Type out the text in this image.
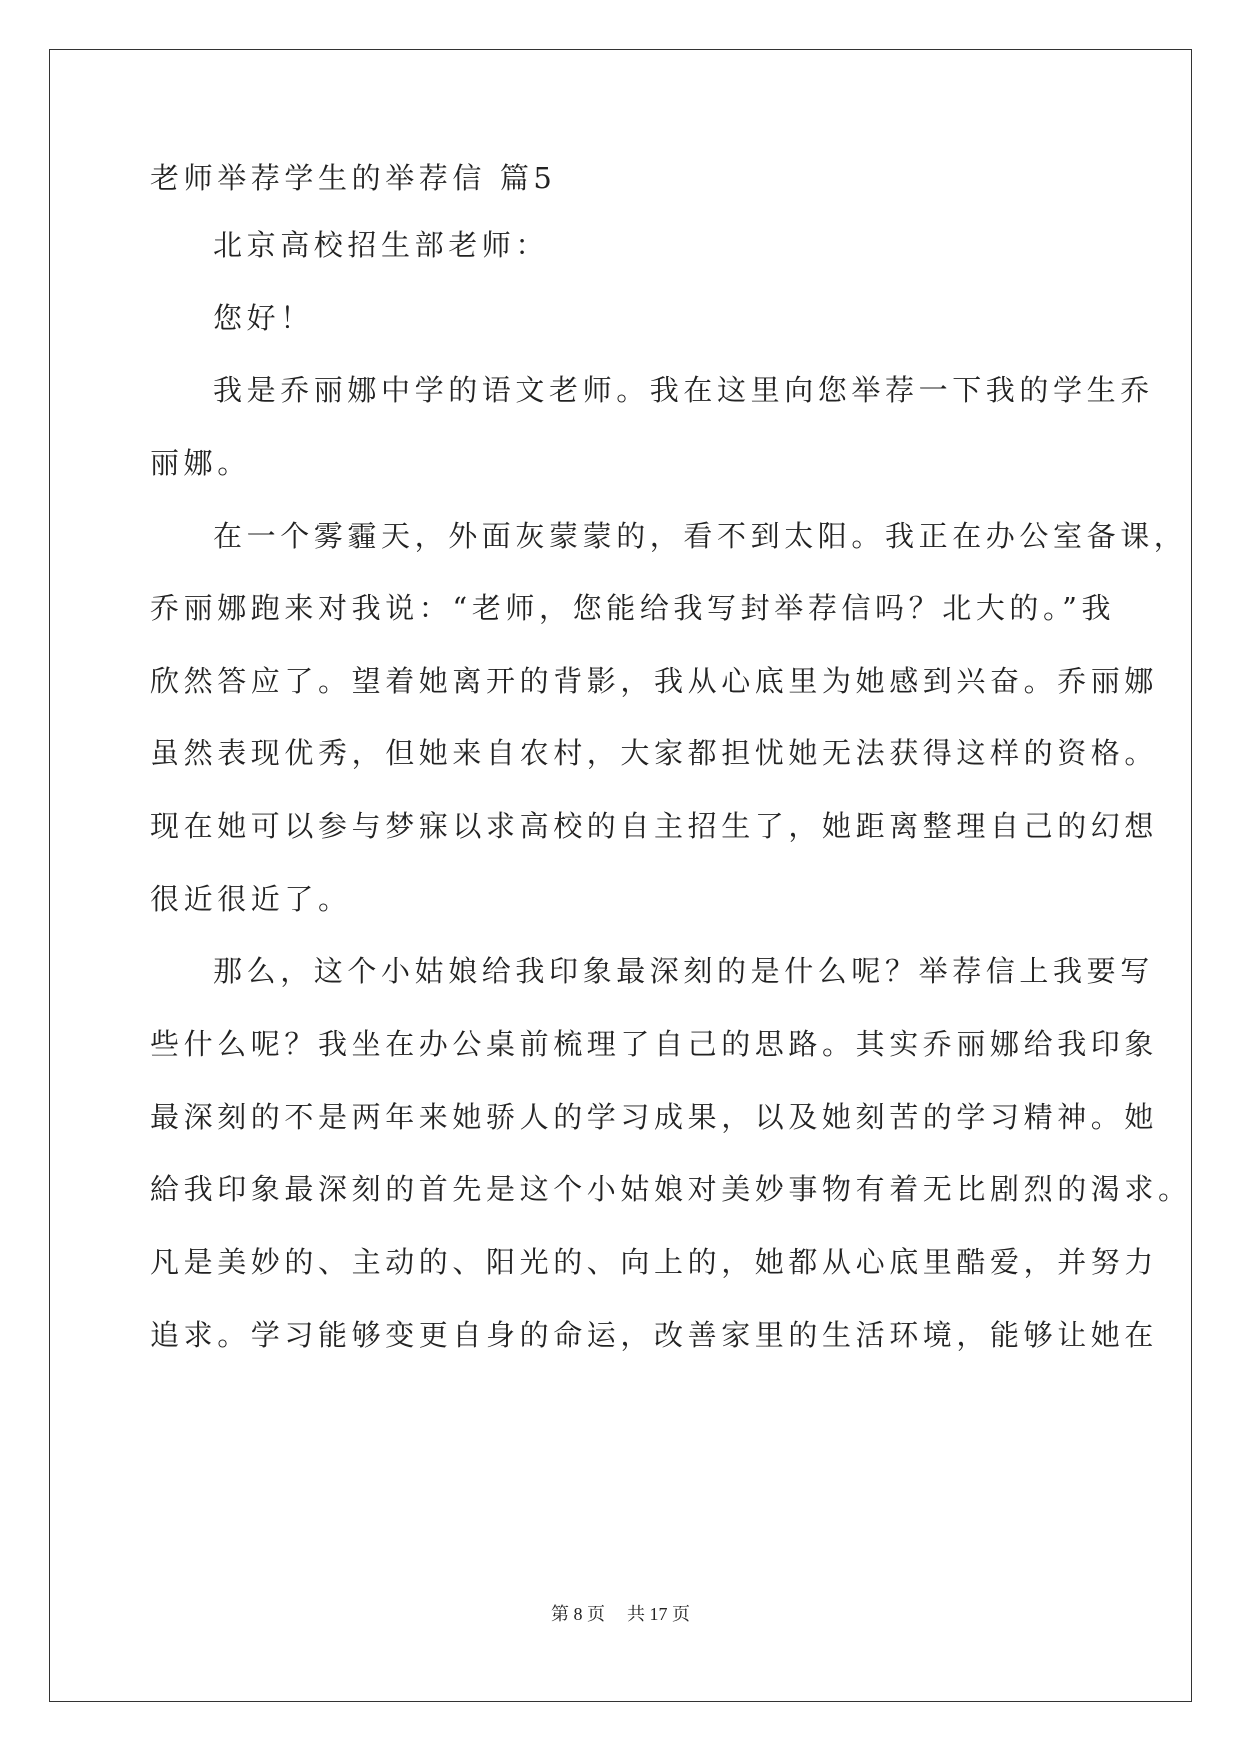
老师举荐学生的举荐信 篇5
北京高校招生部老师：
您好！
我是乔丽娜中学的语文老师。我在这里向您举荐一下我的学生乔
丽娜。
在一个雾霾天，外面灰蒙蒙的，看不到太阳。我正在办公室备课，
乔丽娜跑来对我说：“老师，您能给我写封举荐信吗？北大的。”我
欣然答应了。望着她离开的背影，我从心底里为她感到兴奋。乔丽娜
虽然表现优秀，但她来自农村，大家都担忧她无法获得这样的资格。
现在她可以参与梦寐以求高校的自主招生了，她距离整理自己的幻想
很近很近了。
那么，这个小姑娘给我印象最深刻的是什么呢？举荐信上我要写
些什么呢？我坐在办公桌前梳理了自己的思路。其实乔丽娜给我印象
最深刻的不是两年来她骄人的学习成果，以及她刻苦的学习精神。她
給我印象最深刻的首先是这个小姑娘对美妙事物有着无比剧烈的渴求。
凡是美妙的、主动的、阳光的、向上的，她都从心底里酷爱，并努力
追求。学习能够变更自身的命运，改善家里的生活环境，能够让她在
第 8 页 共 17 页
